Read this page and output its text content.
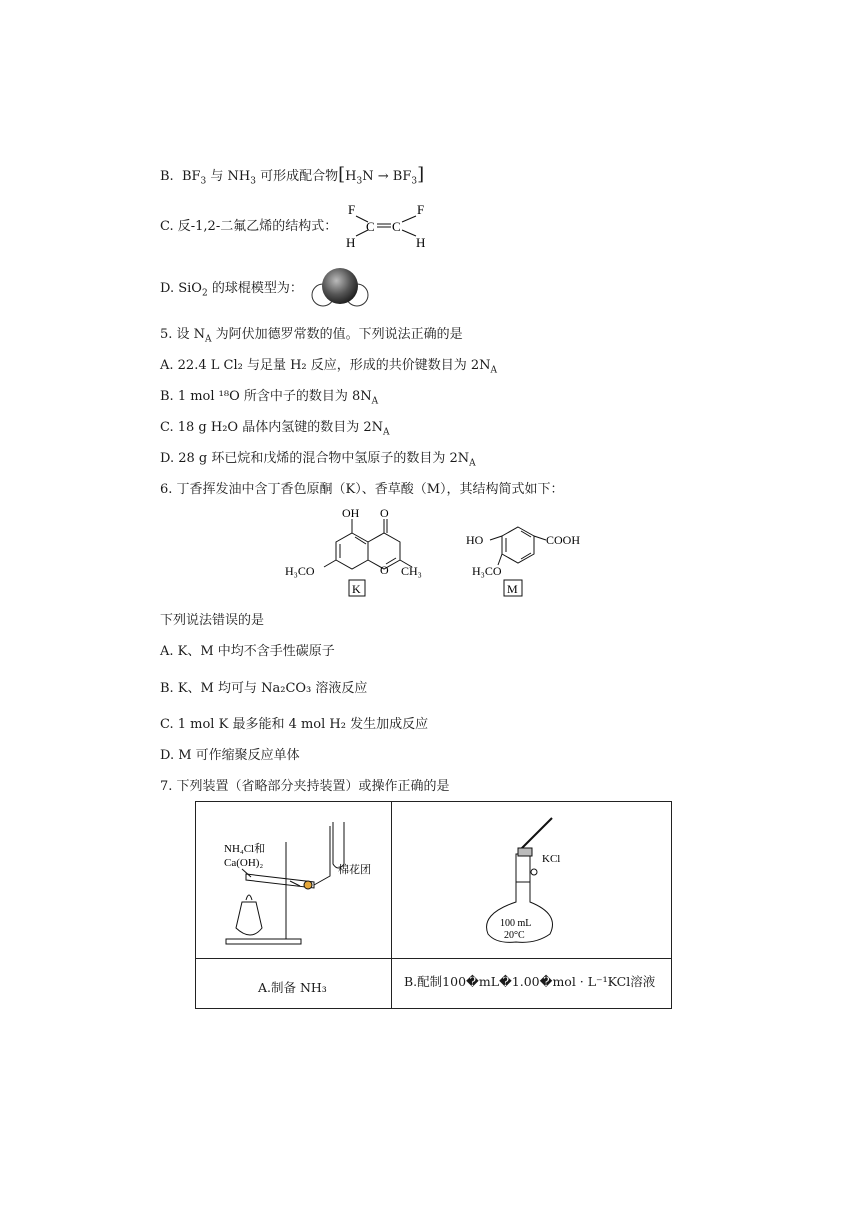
B. $BF_3$ 与 $NH_3$ 可形成配合物$[H_3N \to BF_3]$
C. 反-1,2-二氟乙烯的结构式：
F	F
C C
H	H
D. SiO$_2$ 的球棍模型为：
5. 设 $N_A$ 为阿伏加德罗常数的值。下列说法正确的是
A. 22.4 L Cl₂ 与足量 H₂ 反应，形成的共价键数目为 $2N_A$
B. 1 mol ¹⁸O 所含中子的数目为 $8N_A$
C. 18 g H₂O 晶体内氢键的数目为 $2N_A$
D. 28 g 环已烷和戊烯的混合物中氢原子的数目为 $2N_A$
6. 丁香挥发油中含丁香色原酮（K）、香草酸（M），其结构简式如下：
OH O
H₃CO	O CH₃
K
HO	COOH
H₃CO
M
下列说法错误的是
A. K、M 中均不含手性碳原子
B. K、M 均可与 Na₂CO₃ 溶液反应
C. 1 mol K 最多能和 4 mol H₂ 发生加成反应
D. M 可作缩聚反应单体
7. 下列装置（省略部分夹持装置）或操作正确的是
NH₄Cl和
Ca(OH)₂
棉花团
KCl
100 mL
20°C
A.制备 NH₃	B.配制100�mL�1.00�mol · L⁻¹KCl溶液
